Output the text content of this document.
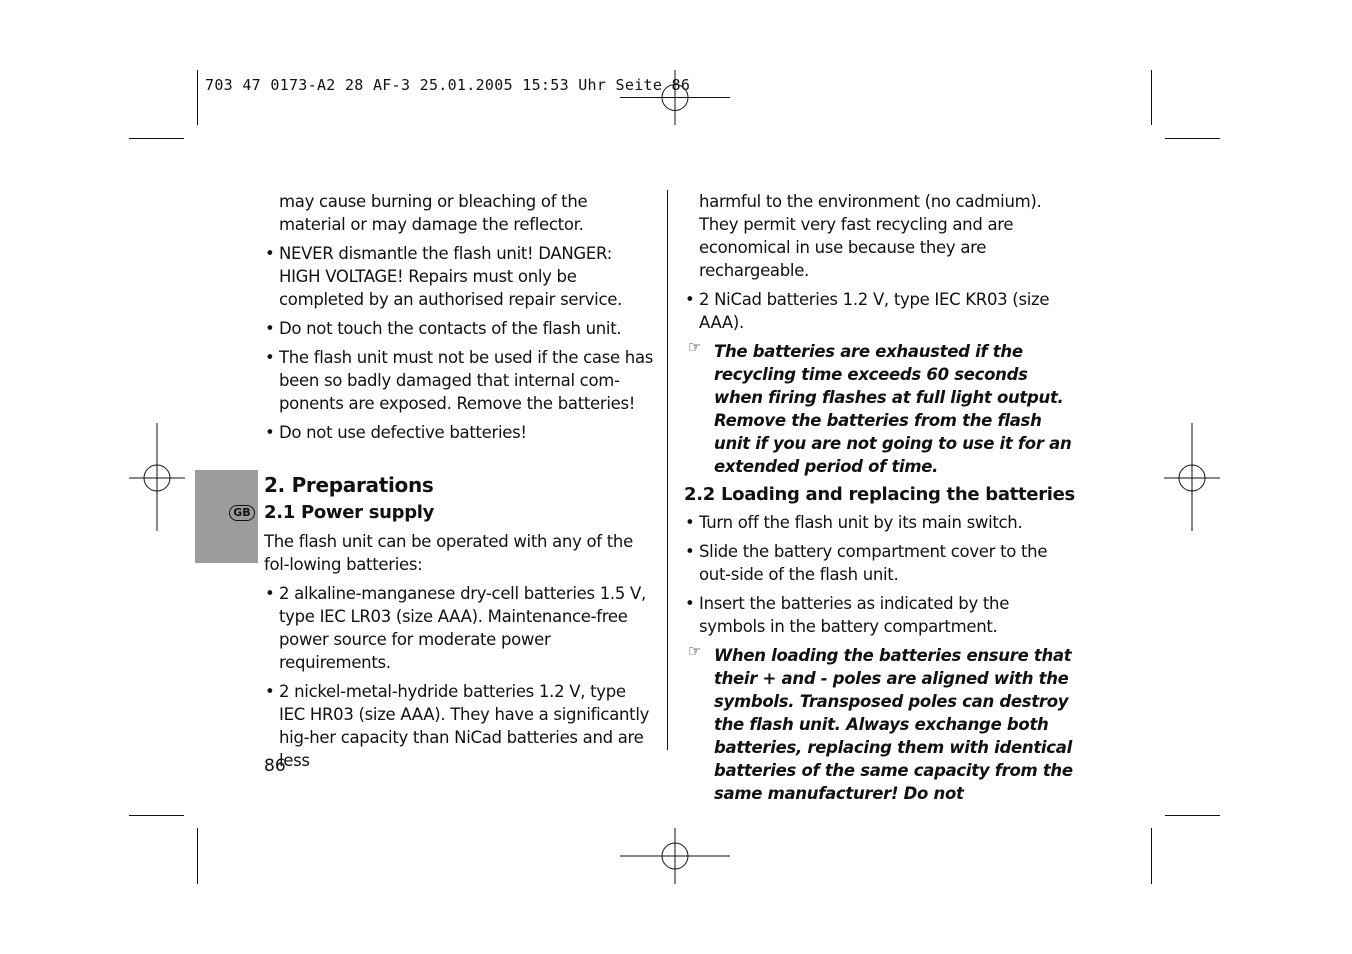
703 47 0173-A2 28 AF-3 25.01.2005 15:53 Uhr Seite 86
GB

may cause burning or bleaching of the material or may damage the reflector.

• NEVER dismantle the flash unit! DANGER: HIGH VOLTAGE! Repairs must only be completed by an authorised repair service.
• Do not touch the contacts of the flash unit.
• The flash unit must not be used if the case has been so badly damaged that internal com-ponents are exposed. Remove the batteries!
• Do not use defective batteries!
2. Preparations
2.1 Power supply

The flash unit can be operated with any of the fol-lowing batteries:

• 2 alkaline-manganese dry-cell batteries 1.5 V, type IEC LR03 (size AAA). Maintenance-free power source for moderate power requirements.
• 2 nickel-metal-hydride batteries 1.2 V, type IEC HR03 (size AAA). They have a significantly hig-her capacity than NiCad batteries and are less

harmful to the environment (no cadmium). They permit very fast recycling and are economical in use because they are rechargeable.

• 2 NiCad batteries 1.2 V, type IEC KR03 (size AAA).
☞ The batteries are exhausted if the recycling time exceeds 60 seconds when firing flashes at full light output. Remove the batteries from the flash unit if you are not going to use it for an extended period of time.
2.2 Loading and replacing the batteries
• Turn off the flash unit by its main switch.
• Slide the battery compartment cover to the out-side of the flash unit.
• Insert the batteries as indicated by the symbols in the battery compartment.
☞ When loading the batteries ensure that their + and - poles are aligned with the symbols. Transposed poles can destroy the flash unit. Always exchange both batteries, replacing them with identical batteries of the same capacity from the same manufacturer! Do not
86
